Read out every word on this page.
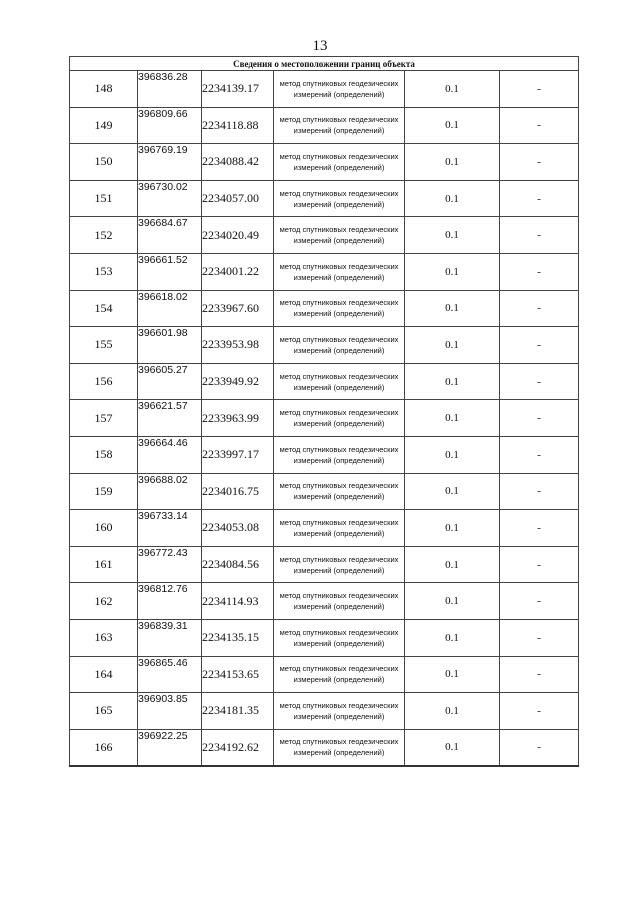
13
Сведения о местоположении границ объекта					
148	396836.28	2234139.17	метод спутниковых геодезических измерений (определений)	0.1	-
149	396809.66	2234118.88	метод спутниковых геодезических измерений (определений)	0.1	-
150	396769.19	2234088.42	метод спутниковых геодезических измерений (определений)	0.1	-
151	396730.02	2234057.00	метод спутниковых геодезических измерений (определений)	0.1	-
152	396684.67	2234020.49	метод спутниковых геодезических измерений (определений)	0.1	-
153	396661.52	2234001.22	метод спутниковых геодезических измерений (определений)	0.1	-
154	396618.02	2233967.60	метод спутниковых геодезических измерений (определений)	0.1	-
155	396601.98	2233953.98	метод спутниковых геодезических измерений (определений)	0.1	-
156	396605.27	2233949.92	метод спутниковых геодезических измерений (определений)	0.1	-
157	396621.57	2233963.99	метод спутниковых геодезических измерений (определений)	0.1	-
158	396664.46	2233997.17	метод спутниковых геодезических измерений (определений)	0.1	-
159	396688.02	2234016.75	метод спутниковых геодезических измерений (определений)	0.1	-
160	396733.14	2234053.08	метод спутниковых геодезических измерений (определений)	0.1	-
161	396772.43	2234084.56	метод спутниковых геодезических измерений (определений)	0.1	-
162	396812.76	2234114.93	метод спутниковых геодезических измерений (определений)	0.1	-
163	396839.31	2234135.15	метод спутниковых геодезических измерений (определений)	0.1	-
164	396865.46	2234153.65	метод спутниковых геодезических измерений (определений)	0.1	-
165	396903.85	2234181.35	метод спутниковых геодезических измерений (определений)	0.1	-
166	396922.25	2234192.62	метод спутниковых геодезических измерений (определений)	0.1	-
